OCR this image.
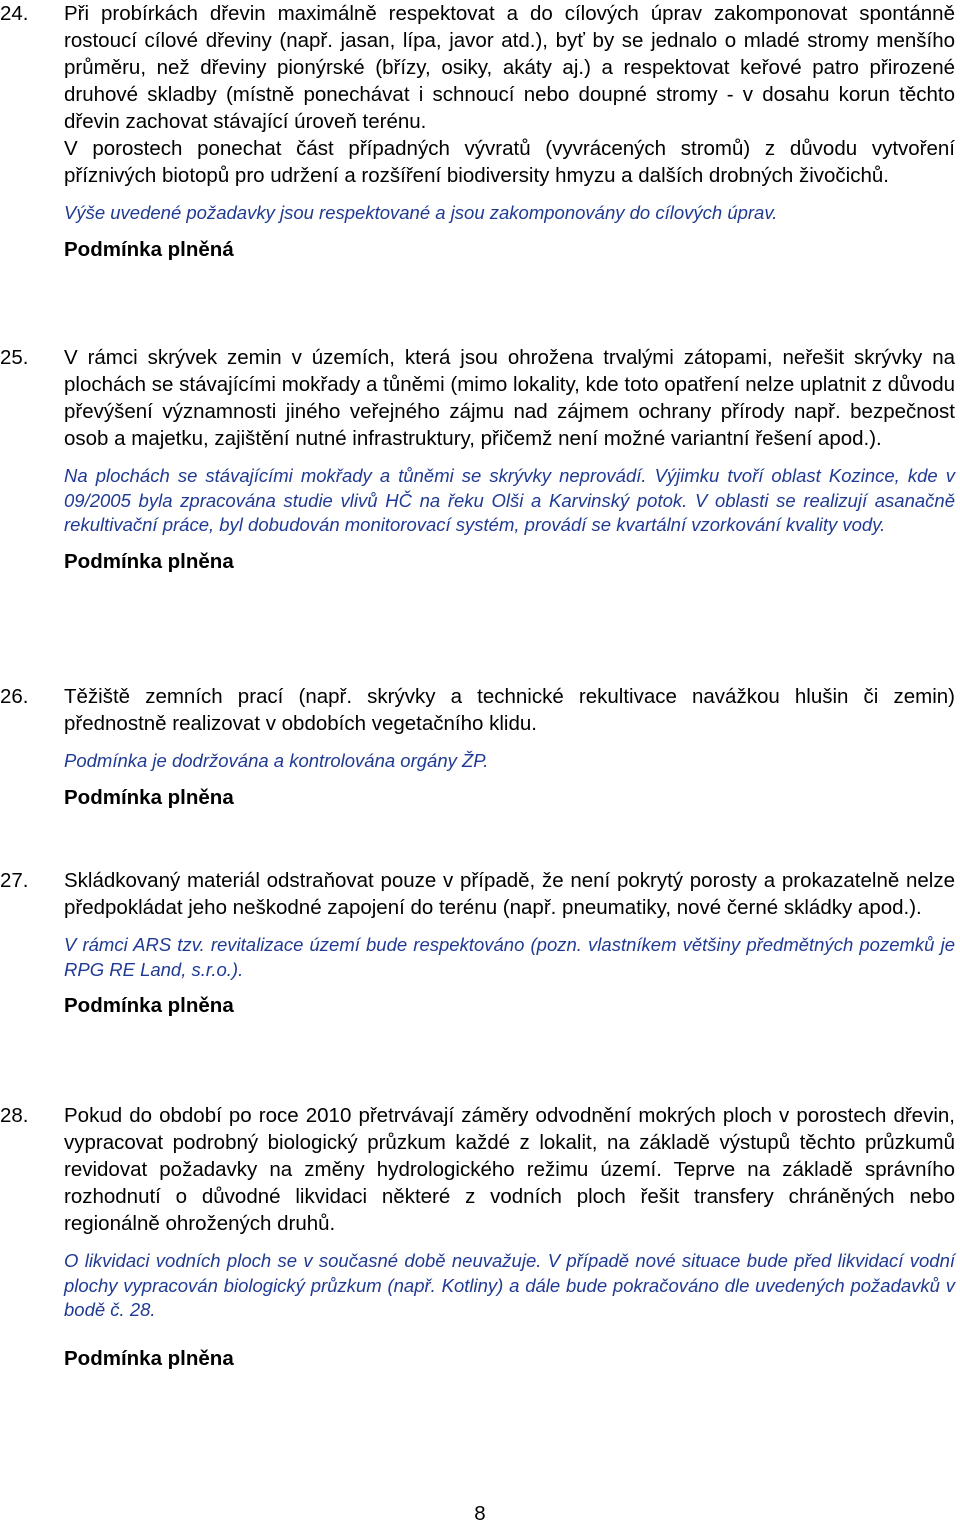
24. Při probírkách dřevin maximálně respektovat a do cílových úprav zakomponovat spontánně rostoucí cílové dřeviny (např. jasan, lípa, javor atd.), byť by se jednalo o mladé stromy menšího průměru, než dřeviny pionýrské (břízy, osiky, akáty aj.) a respektovat keřové patro přirozené druhové skladby (místně ponechávat i schnoucí nebo doupné stromy - v dosahu korun těchto dřevin zachovat stávající úroveň terénu.

V porostech ponechat část případných vývratů (vyvrácených stromů) z důvodu vytvoření příznivých biotopů pro udržení a rozšíření biodiversity hmyzu a dalších drobných živočichů.

Výše uvedené požadavky jsou respektované a jsou zakomponovány do cílových úprav.

Podmínka plněná

25. V rámci skrývek zemin v územích, která jsou ohrožena trvalými zátopami, neřešit skrývky na plochách se stávajícími mokřady a tůněmi (mimo lokality, kde toto opatření nelze uplatnit z důvodu převýšení významnosti jiného veřejného zájmu nad zájmem ochrany přírody např. bezpečnost osob a majetku, zajištění nutné infrastruktury, přičemž není možné variantní řešení apod.).

Na plochách se stávajícími mokřady a tůněmi se skrývky neprovádí. Výjimku tvoří oblast Kozince, kde v 09/2005 byla zpracována studie vlivů HČ na řeku Olši a Karvinský potok. V oblasti se realizují asanačně rekultivační práce, byl dobudován monitorovací systém, provádí se kvartální vzorkování kvality vody.

Podmínka plněna

26. Těžiště zemních prací (např. skrývky a technické rekultivace navážkou hlušin či zemin) přednostně realizovat v obdobích vegetačního klidu.

Podmínka je dodržována a kontrolována orgány ŽP.

Podmínka plněna

27. Skládkovaný materiál odstraňovat pouze v případě, že není pokrytý porosty a prokazatelně nelze předpokládat jeho neškodné zapojení do terénu (např. pneumatiky, nové černé skládky apod.).

V rámci ARS tzv. revitalizace území bude respektováno (pozn. vlastníkem většiny předmětných pozemků je RPG RE Land, s.r.o.).

Podmínka plněna

28. Pokud do období po roce 2010 přetrvávají záměry odvodnění mokrých ploch v porostech dřevin, vypracovat podrobný biologický průzkum každé z lokalit, na základě výstupů těchto průzkumů revidovat požadavky na změny hydrologického režimu území. Teprve na základě správního rozhodnutí o důvodné likvidaci některé z vodních ploch řešit transfery chráněných nebo regionálně ohrožených druhů.

O likvidaci vodních ploch se v současné době neuvažuje. V případě nové situace bude před likvidací vodní plochy vypracován biologický průzkum (např. Kotliny) a dále bude pokračováno dle uvedených požadavků v bodě č. 28.

Podmínka plněna

8
